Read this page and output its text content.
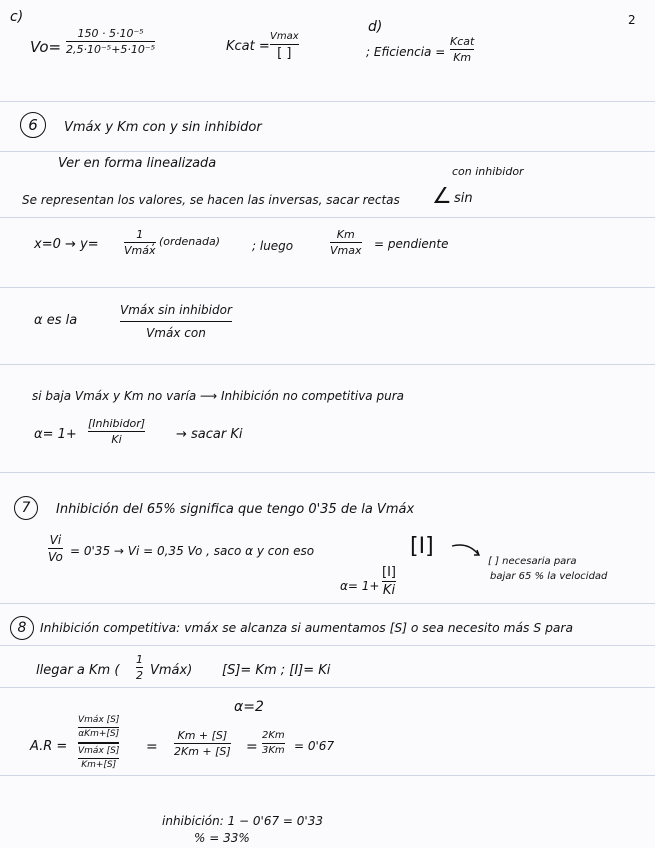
2
c)
Vo=
150 · 5·10⁻⁵
2,5·10⁻⁵+5·10⁻⁵	Kcat =
Vmax
[ ]
d)
; Eficiencia =
Kcat
Km
6	Vmáx y Km con y sin inhibidor
Ver en forma linealizada
Se representan los valores, se hacen las inversas, sacar rectas ∠
con inhibidor
sin
x=0 → y=
1
Vmáx
, (ordenada)	; luego
Km
Vmax = pendiente
α es la
Vmáx sin inhibidor
Vmáx con
si baja Vmáx y Km no varía ⟶ Inhibición no competitiva pura
α= 1+
[Inhibidor]
Ki	→ sacar Ki
7	Inhibición del 65% significa que tengo 0'35 de la Vmáx
Vi
Vo = 0'35 → Vi = 0,35 Vo , saco α y con eso	[I]
[ ] necesaria para
bajar 65 % la velocidad
α= 1+
[I]
Ki
8	Inhibición competitiva: vmáx se alcanza si aumentamos [S] o sea necesito más S para
llegar a Km (
1
2 Vmáx) [S]= Km ; [I]= Ki
α=2
A.R =
Vmáx [S]
αKm+[S]
Vmáx [S]
Km+[S]
=
Km + [S]
2Km + [S] =
2Km
3Km = 0'67
inhibición: 1 − 0'67 = 0'33
% = 33%
